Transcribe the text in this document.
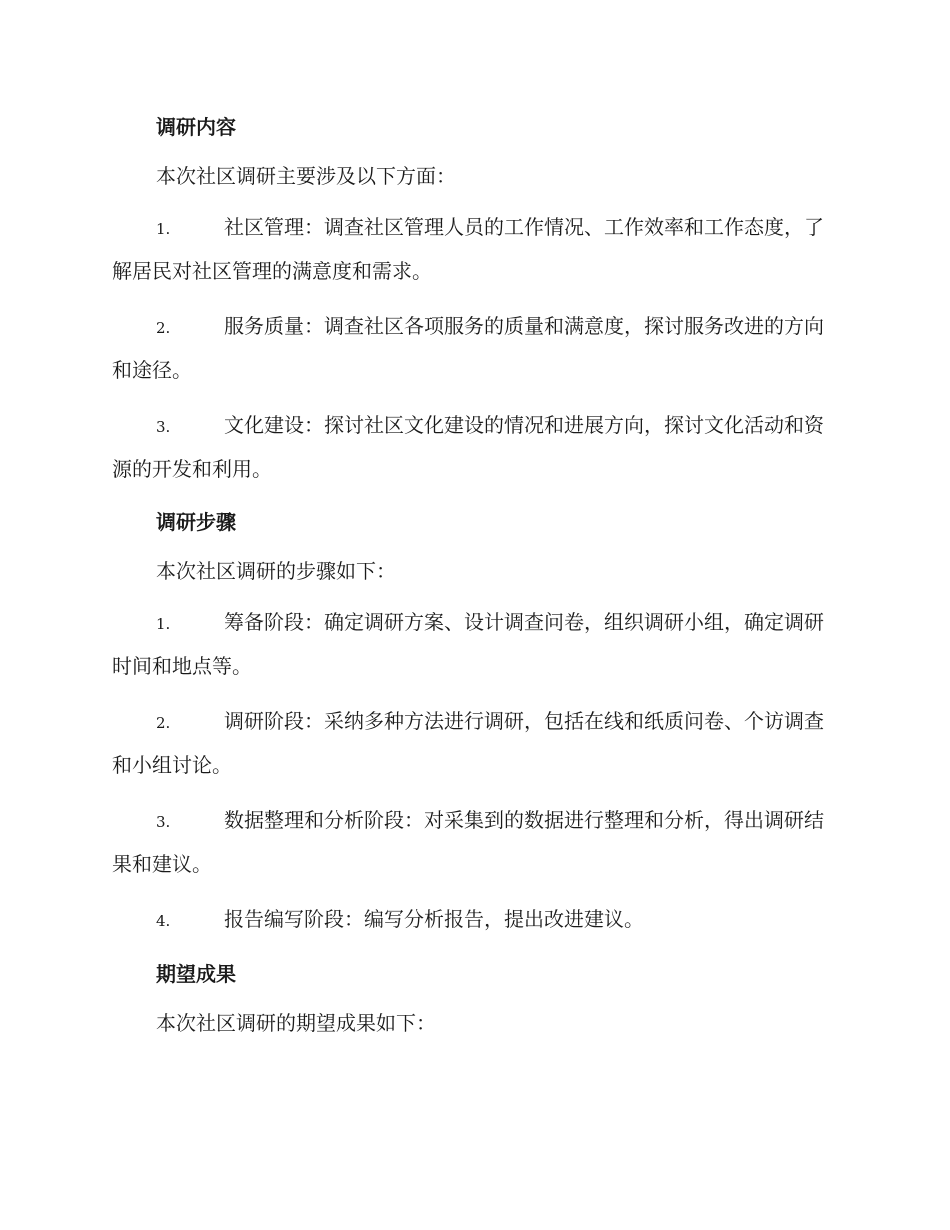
调研内容
本次社区调研主要涉及以下方面：
1.	社区管理：调查社区管理人员的工作情况、工作效率和工作态度，了解居民对社区管理的满意度和需求。
2.	服务质量：调查社区各项服务的质量和满意度，探讨服务改进的方向和途径。
3.	文化建设：探讨社区文化建设的情况和进展方向，探讨文化活动和资源的开发和利用。
调研步骤
本次社区调研的步骤如下：
1.	筹备阶段：确定调研方案、设计调查问卷，组织调研小组，确定调研时间和地点等。
2.	调研阶段：采纳多种方法进行调研，包括在线和纸质问卷、个访调查和小组讨论。
3.	数据整理和分析阶段：对采集到的数据进行整理和分析，得出调研结果和建议。
4.	报告编写阶段：编写分析报告，提出改进建议。
期望成果
本次社区调研的期望成果如下：
